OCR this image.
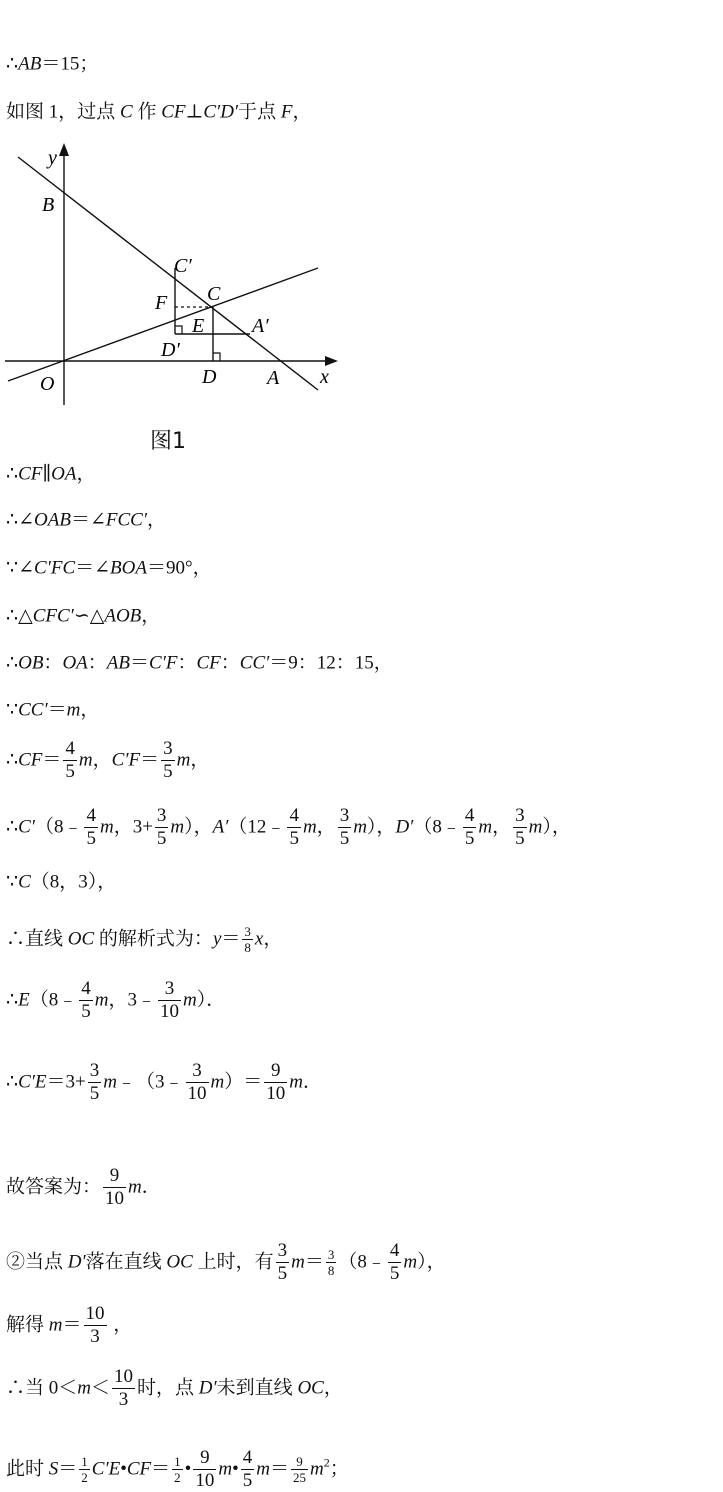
∴AB＝15；
如图 1，过点 C 作 CF⊥C′D′于点 F，
y
x
B
C′
C
F
E A′
D′
O	D	A
图1
∴CF∥OA，
∴∠OAB＝∠FCC′，
∵∠C′FC＝∠BOA＝90°，
∴△CFC′∽△AOB，
∴OB：OA：AB＝C′F：CF：CC′＝9：12：15，
∵CC′＝m，
∴CF＝ $\frac{4}{5}$ m，$C'F= \frac{3}{5}$ m，
∴C′（8﹣ $\frac{4}{5}$ m，$3+ \frac{3}{5} m$），A′（12﹣ $\frac{4}{5}$ m， $\frac{3}{5} m$），D′（8﹣ $\frac{4}{5}$ m， $\frac{3}{5} m$），
∵C（8，3），
∴直线 OC 的解析式为：$y= \frac{3}{8}$ x，
∴E（8﹣ $\frac{4}{5}$ m，3﹣ $\frac{3}{10} m$）．
∴C′E＝3+ $\frac{3}{5}$ m﹣（3﹣ $\frac{3}{10} m)= \frac{9}{10}$ m．
故答案为： $\frac{9}{10}$ m．
②当点 D′落在直线 OC 上时，有 $\frac{3}{5} m= \frac{3}{8}$ （8﹣ $\frac{4}{5} m$），
解得 $m= \frac{10}{3}$ ，
∴当 $0<m< \frac{10}{3}$ 时，点 D′未到直线 OC，
此时 $S= \frac{1}{2}$ C′E•CF＝ $\frac{1}{2}$ • $\frac{9}{10}$ m• $\frac{4}{5} m= \frac{9}{25} m^2$；
